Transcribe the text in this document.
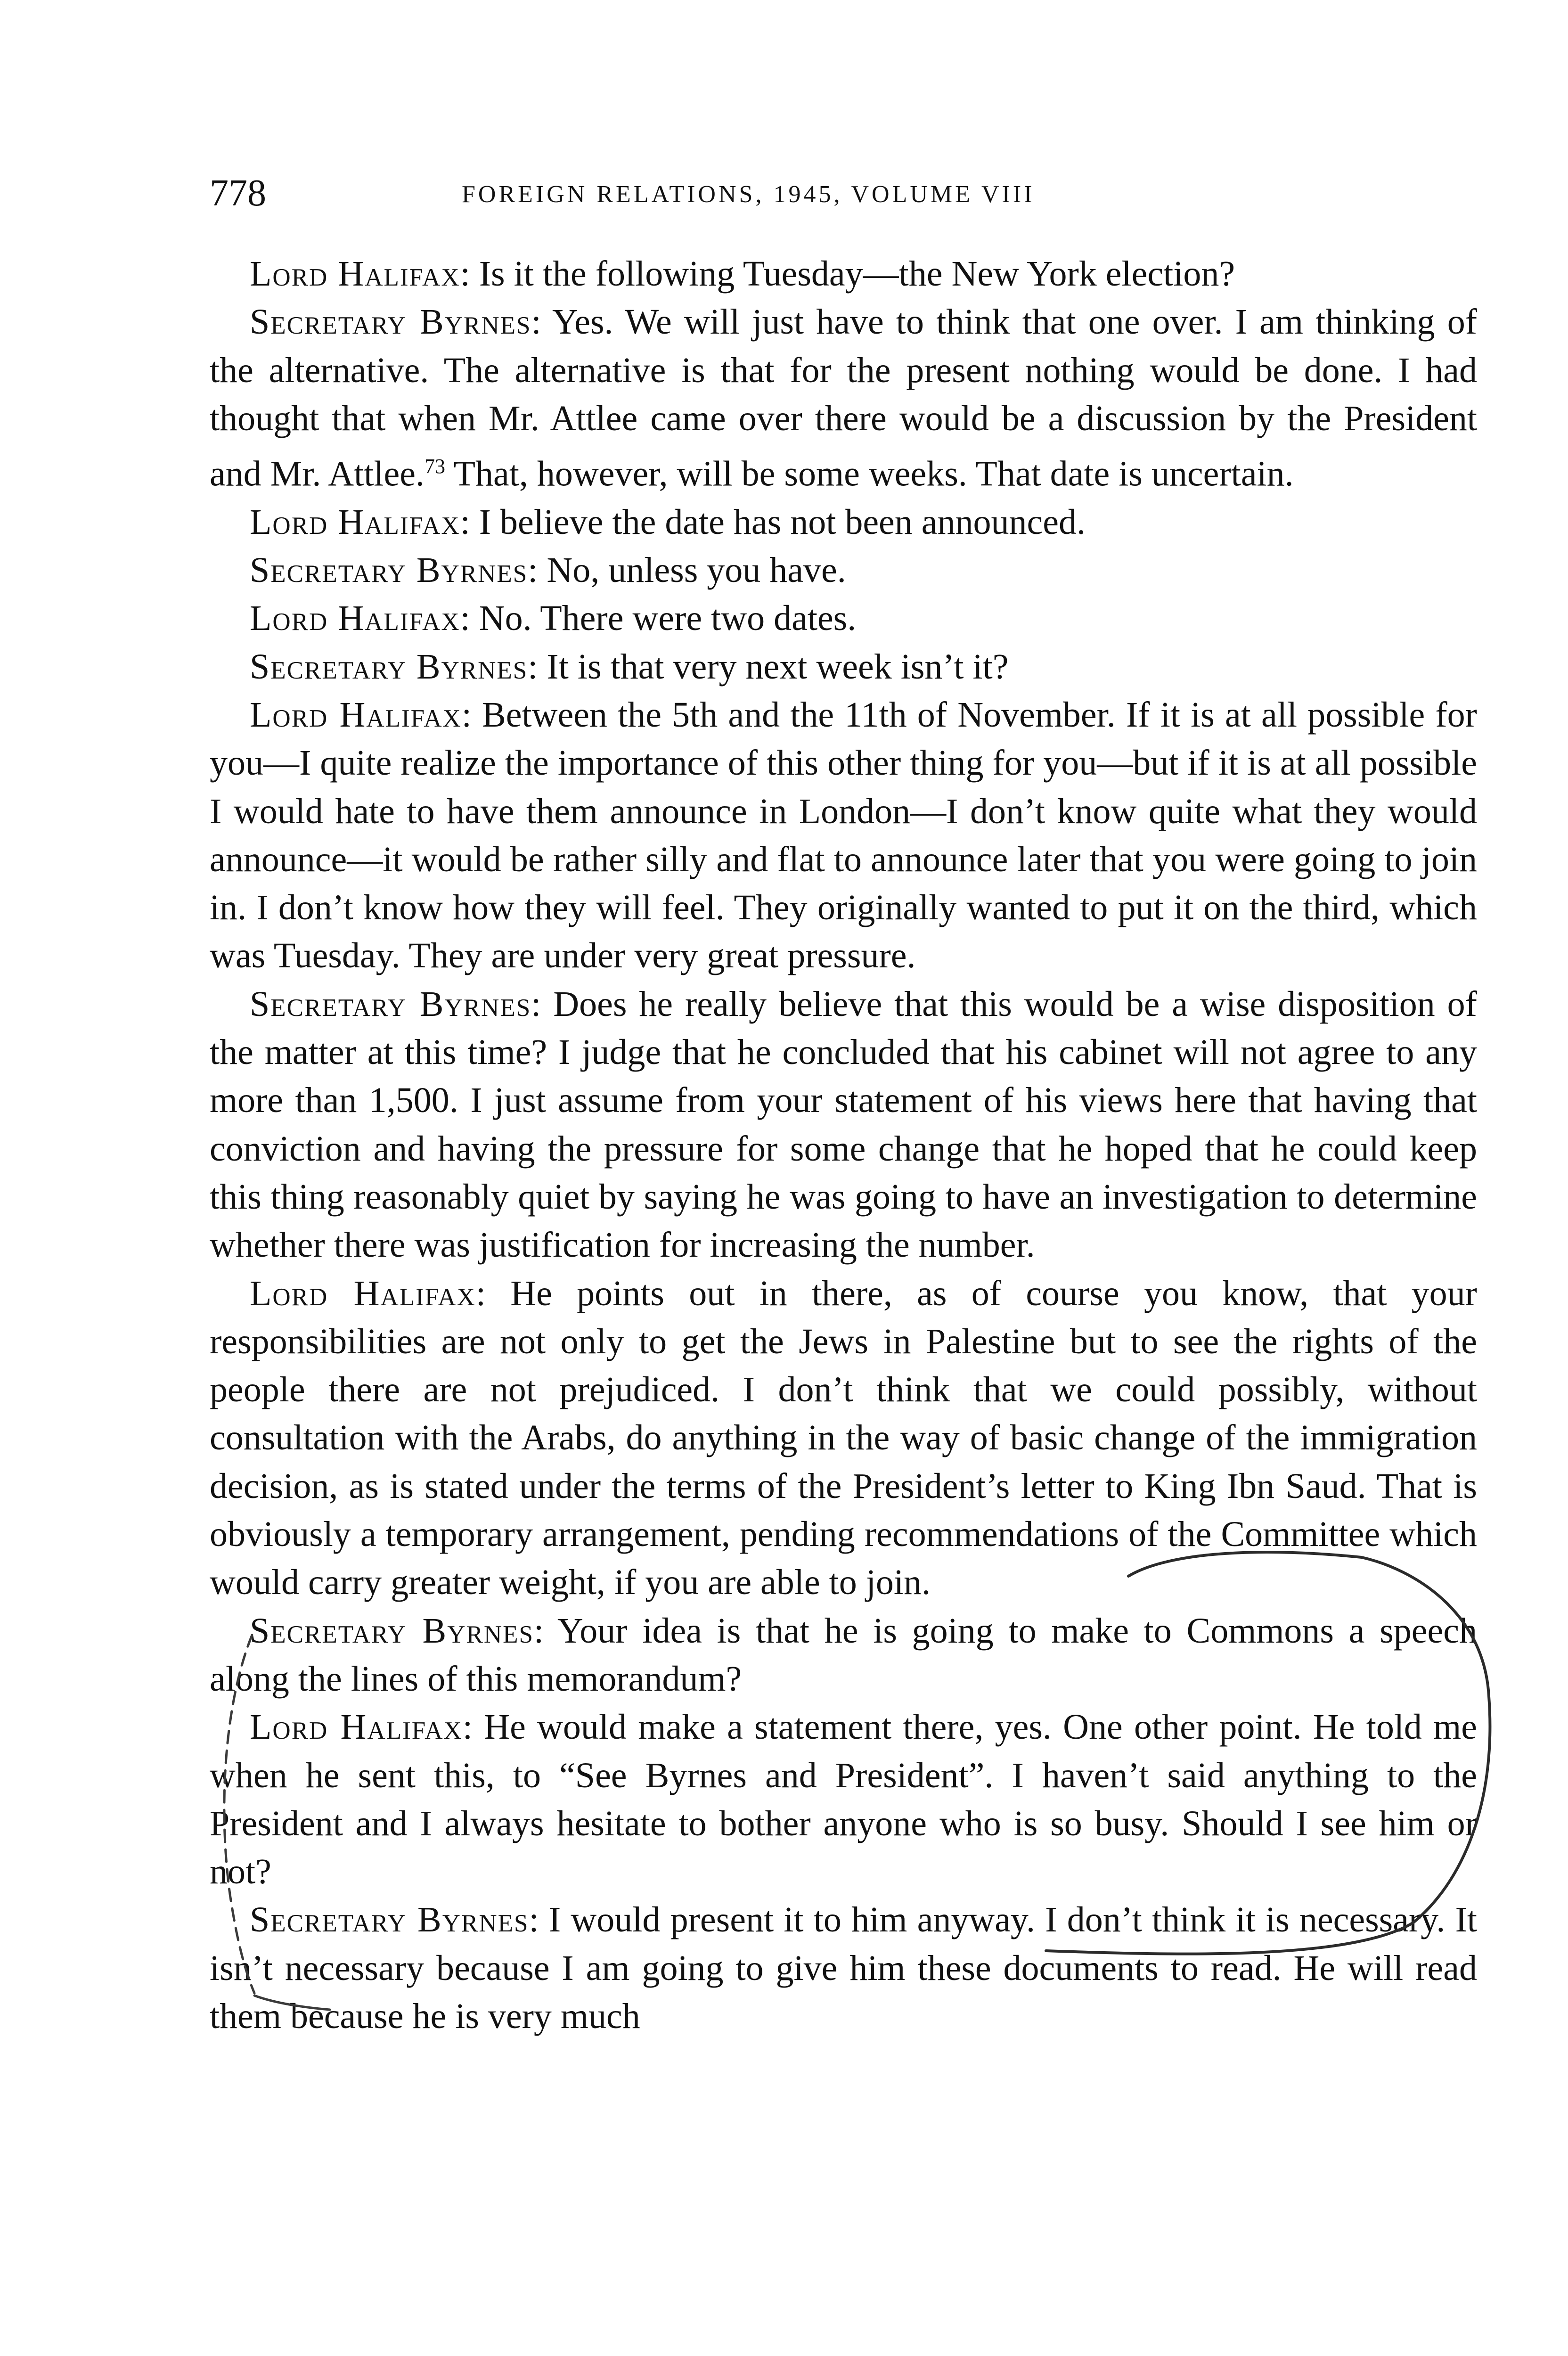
778	FOREIGN RELATIONS, 1945, VOLUME VIII

Lord Halifax: Is it the following Tuesday—the New York election?

Secretary Byrnes: Yes. We will just have to think that one over. I am thinking of the alternative. The alternative is that for the present nothing would be done. I had thought that when Mr. Attlee came over there would be a discussion by the President and Mr. Attlee.$^{73}$ That, however, will be some weeks. That date is uncertain.

Lord Halifax: I believe the date has not been announced.

Secretary Byrnes: No, unless you have.

Lord Halifax: No. There were two dates.

Secretary Byrnes: It is that very next week isn’t it?

Lord Halifax: Between the 5th and the 11th of November. If it is at all possible for you—I quite realize the importance of this other thing for you—but if it is at all possible I would hate to have them announce in London—I don’t know quite what they would announce—it would be rather silly and flat to announce later that you were going to join in. I don’t know how they will feel. They originally wanted to put it on the third, which was Tuesday. They are under very great pressure.

Secretary Byrnes: Does he really believe that this would be a wise disposition of the matter at this time? I judge that he concluded that his cabinet will not agree to any more than 1,500. I just assume from your statement of his views here that having that conviction and having the pressure for some change that he hoped that he could keep this thing reasonably quiet by saying he was going to have an investigation to determine whether there was justification for increasing the number.

Lord Halifax: He points out in there, as of course you know, that your responsibilities are not only to get the Jews in Palestine but to see the rights of the people there are not prejudiced. I don’t think that we could possibly, without consultation with the Arabs, do anything in the way of basic change of the immigration decision, as is stated under the terms of the President’s letter to King Ibn Saud. That is obviously a temporary arrangement, pending recommendations of the Committee which would carry greater weight, if you are able to join.

Secretary Byrnes: Your idea is that he is going to make to Commons a speech along the lines of this memorandum?

Lord Halifax: He would make a statement there, yes. One other point. He told me when he sent this, to “See Byrnes and President”. I haven’t said anything to the President and I always hesitate to bother anyone who is so busy. Should I see him or not?

Secretary Byrnes: I would present it to him anyway. I don’t think it is necessary. It isn’t necessary because I am going to give him these documents to read. He will read them because he is very much
